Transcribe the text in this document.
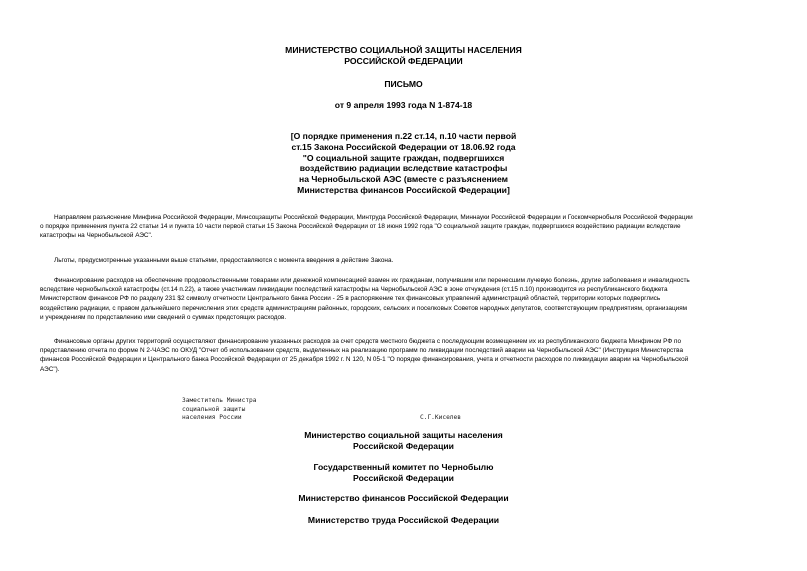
МИНИСТЕРСТВО СОЦИАЛЬНОЙ ЗАЩИТЫ НАСЕЛЕНИЯ
РОССИЙСКОЙ ФЕДЕРАЦИИ
ПИСЬМО
от 9 апреля 1993 года N 1-874-18
[О порядке применения п.22 ст.14, п.10 части первой
ст.15 Закона Российской Федерации от 18.06.92 года
"О социальной защите граждан, подвергшихся
воздействию радиации вследствие катастрофы
на Чернобыльской АЭС (вместе с разъяснением
Министерства финансов Российской Федерации]
Направляем разъяснение Минфина Российской Федерации, Минсоцзащиты Российской Федерации, Минтруда Российской Федерации, Миннауки Российской Федерации и Госкомчернобыля Российской Федерации
о порядке применения пункта 22 статьи 14 и пункта 10 части первой статьи 15 Закона Российской Федерации от 18 июня 1992 года "О социальной защите граждан, подвергшихся воздействию радиации вследствие
катастрофы на Чернобыльской АЭС".
Льготы, предусмотренные указанными выше статьями, предоставляются с момента введения в действие Закона.
Финансирование расходов на обеспечение продовольственными товарами или денежной компенсацией взамен их гражданам, получившим или перенесшим лучевую болезнь, другие заболевания и инвалидность
вследствие чернобыльской катастрофы (ст.14 п.22), а также участникам ликвидации последствий катастрофы на Чернобыльской АЭС в зоне отчуждения (ст.15 п.10) производится из республиканского бюджета
Министерством финансов РФ по разделу 231 $2 символу отчетности Центрального банка России - 25 в распоряжение тех финансовых управлений администраций областей, территории которых подверглись
воздействию радиации, с правом дальнейшего перечисления этих средств администрациям районных, городских, сельских и поселковых Советов народных депутатов, соответствующим предприятиям, организациям
и учреждениям по представлению ими сведений о суммах предстоящих расходов.
Финансовые органы других территорий осуществляют финансирование указанных расходов за счет средств местного бюджета с последующим возмещением их из республиканского бюджета Минфином РФ по
представлению отчета по форме N 2-ЧАЭС по ОКУД "Отчет об использовании средств, выделенных на реализацию программ по ликвидации последствий аварии на Чернобыльской АЭС" (Инструкция Министерства
финансов Российской Федерации и Центрального банка Российской Федерации от 25 декабря 1992 г. N 120, N 05-1 "О порядке финансирования, учета и отчетности расходов по ликвидации аварии на Чернобыльской
АЭС").
Заместитель Министра
социальной защиты
населения России	С.Г.Киселев
Министерство социальной защиты населения
Российской Федерации
Государственный комитет по Чернобылю
Российской Федерации
Министерство финансов Российской Федерации
Министерство труда Российской Федерации
